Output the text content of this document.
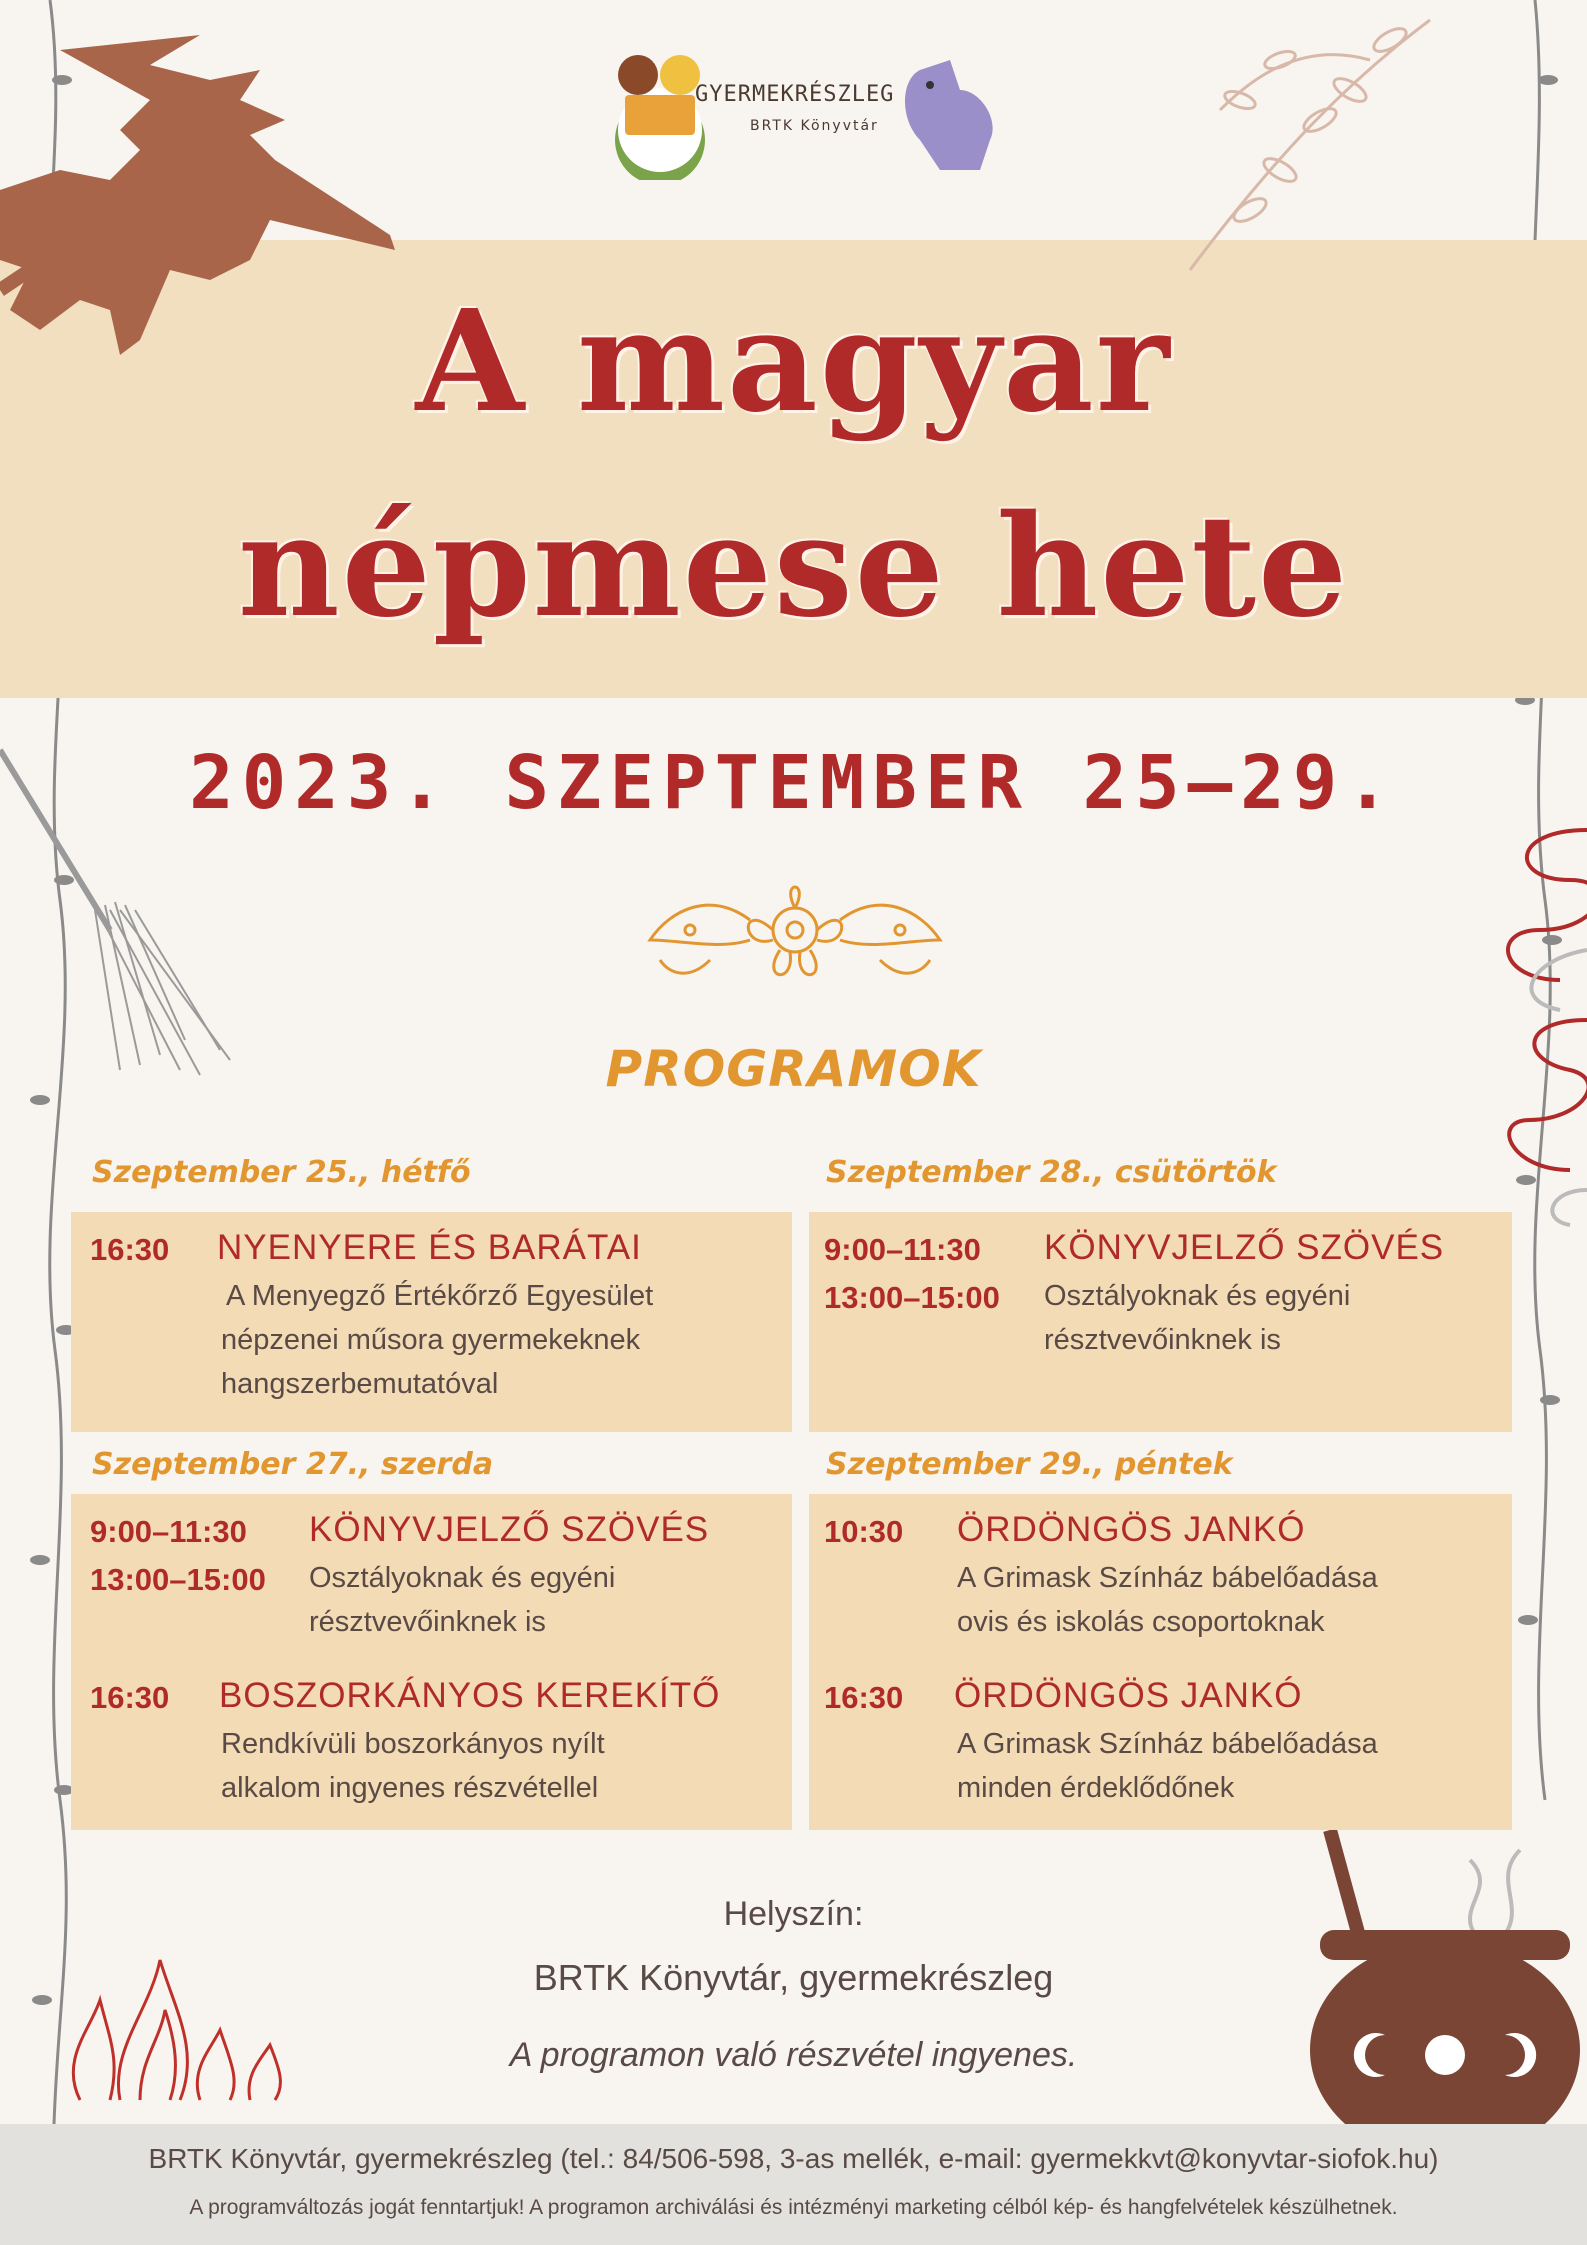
GYERMEKRÉSZLEG
BRTK Könyvtár
A magyar
népmese hete
2023. SZEPTEMBER 25–29.
PROGRAMOK
Szeptember 25., hétfő
16:30 NYENYERE ÉS BARÁTAI
A Menyegző Értékőrző Egyesület
népzenei műsora gyermekeknek
hangszerbemutatóval
Szeptember 28., csütörtök
9:00–11:30
13:00–15:00
KÖNYVJELZŐ SZÖVÉS
Osztályoknak és egyéni
résztvevőinknek is
Szeptember 27., szerda
9:00–11:30
13:00–15:00
KÖNYVJELZŐ SZÖVÉS
Osztályoknak és egyéni
résztvevőinknek is
16:30 BOSZORKÁNYOS KEREKÍTŐ
Rendkívüli boszorkányos nyílt
alkalom ingyenes részvétellel
Szeptember 29., péntek
10:30 ÖRDÖNGÖS JANKÓ
A Grimask Színház bábelőadása
ovis és iskolás csoportoknak
16:30 ÖRDÖNGÖS JANKÓ
A Grimask Színház bábelőadása
minden érdeklődőnek
Helyszín:
BRTK Könyvtár, gyermekrészleg
A programon való részvétel ingyenes.
BRTK Könyvtár, gyermekrészleg (tel.: 84/506-598, 3-as mellék, e-mail: gyermekkvt@konyvtar-siofok.hu)
A programváltozás jogát fenntartjuk! A programon archiválási és intézményi marketing célból kép- és hangfelvételek készülhetnek.
